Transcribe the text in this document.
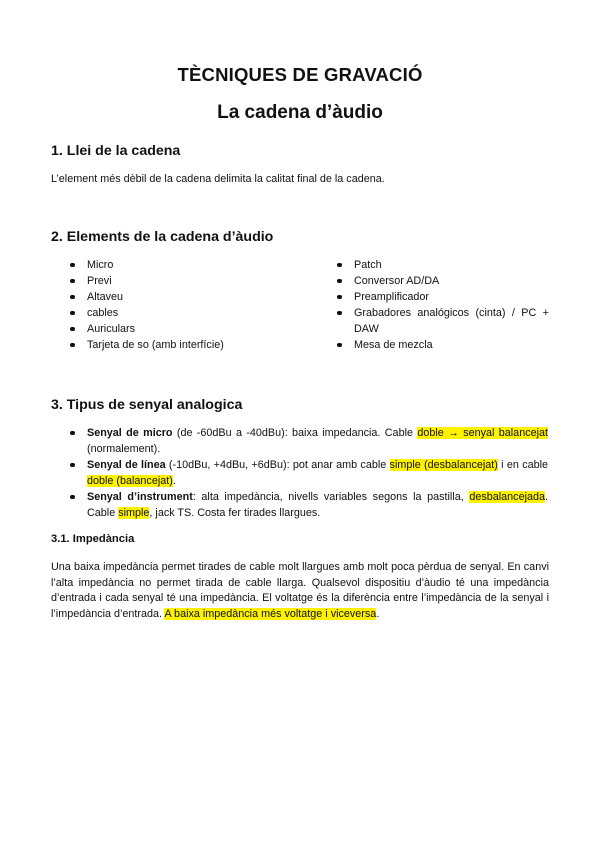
TÈCNIQUES DE GRAVACIÓ
La cadena d’àudio
1. Llei de la cadena
L’element més dèbil de la cadena delimita la calitat final de la cadena.
2. Elements de la cadena d’àudio
Micro
Previ
Altaveu
cables
Auriculars
Tarjeta de so (amb interfície)
Patch
Conversor AD/DA
Preamplificador
Grabadores analógicos (cinta) / PC + DAW
Mesa de mezcla
3. Tipus de senyal analogica
Senyal de micro (de -60dBu a -40dBu): baixa impedancia. Cable doble → senyal balancejat (normalement).
Senyal de línea (-10dBu, +4dBu, +6dBu): pot anar amb cable simple (desbalancejat) i en cable doble (balancejat).
Senyal d’instrument: alta impedància, nivells variables segons la pastilla, desbalancejada. Cable simple, jack TS. Costa fer tirades llargues.
3.1. Impedància
Una baixa impedància permet tirades de cable molt llargues amb molt poca pèrdua de senyal. En canvi l’alta impedància no permet tirada de cable llarga. Qualsevol dispositiu d’àudio té una impedància d’entrada i cada senyal té una impedància. El voltatge és la diferència entre l’impedància de la senyal i l’impedància d’entrada. A baixa impedància més voltatge i viceversa.
